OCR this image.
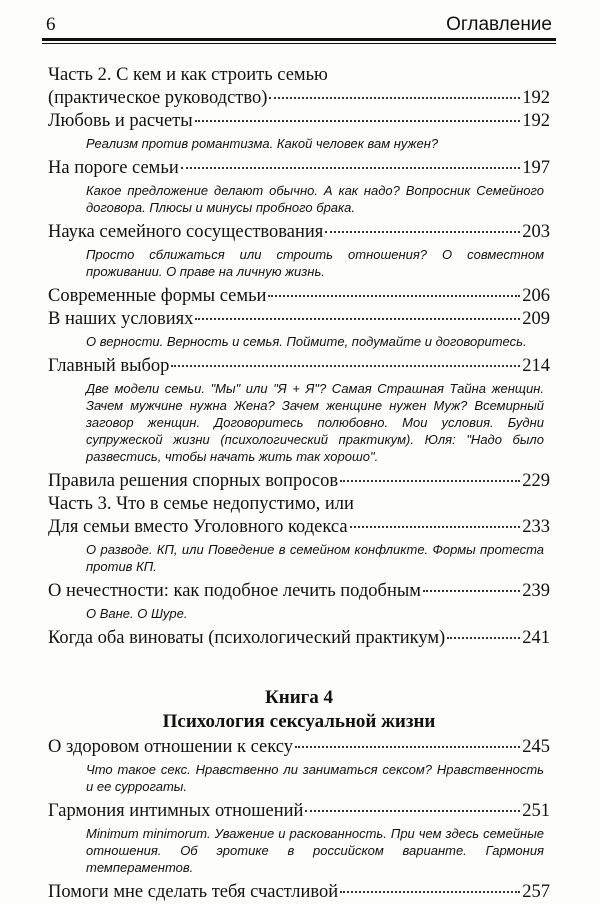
6	Оглавление
Часть 2. С кем и как строить семью
(практическое руководство)	192
Любовь и расчеты	192
Реализм против романтизма. Какой человек вам нужен?
На пороге семьи	197
Какое предложение делают обычно. А как надо? Вопросник Семейного договора. Плюсы и минусы пробного брака.
Наука семейного сосуществования	203
Просто сближаться или строить отношения? О совместном проживании. О праве на личную жизнь.
Современные формы семьи	206
В наших условиях	209
О верности. Верность и семья. Поймите, подумайте и договоритесь.
Главный выбор	214
Две модели семьи. "Мы" или "Я + Я"? Самая Страшная Тайна женщин. Зачем мужчине нужна Жена? Зачем женщине нужен Муж? Всемирный заговор женщин. Договоритесь полюбовно. Мои условия. Будни супружеской жизни (психологический практикум). Юля: "Надо было развестись, чтобы начать жить так хорошо".
Правила решения спорных вопросов	229
Часть 3. Что в семье недопустимо, или
Для семьи вместо Уголовного кодекса	233
О разводе. КП, или Поведение в семейном конфликте. Формы протеста против КП.
О нечестности: как подобное лечить подобным	239
О Ване. О Шуре.
Когда оба виноваты (психологический практикум)	241
Книга 4
Психология сексуальной жизни
О здоровом отношении к сексу	245
Что такое секс. Нравственно ли заниматься сексом? Нравственность и ее суррогаты.
Гармония интимных отношений	251
Minimum minimorum. Уважение и раскованность. При чем здесь семейные отношения. Об эротике в российском варианте. Гармония темпераментов.
Помоги мне сделать тебя счастливой	257
